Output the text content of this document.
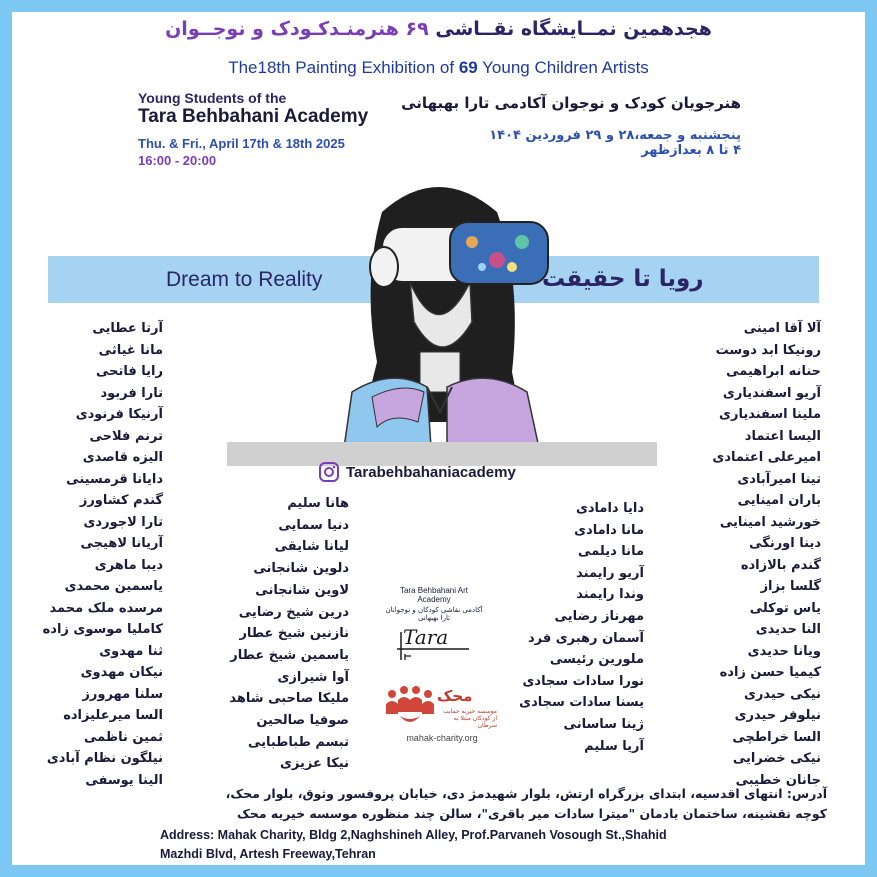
هجدهمین نمــایشگاه نقــاشی ۶۹ هنرمنـدکـودک و نوجــوان
The18th Painting Exhibition of 69 Young Children Artists
Young Students of the
Tara Behbahani Academy
Thu. & Fri., April 17th & 18th 2025
16:00 - 20:00
هنرجویان کودک و نوجوان آکادمی تارا بهبهانی
پنجشنبه و جمعه،۲۸ و ۲۹ فروردین ۱۴۰۴
۴ تا ۸ بعدازظهر
Dream to Reality	رویا تا حقیقت
Tarabehbahaniacademy
آلا آقا امینی
رونیکا ابد دوست
حنانه ابراهیمی
آریو اسفندیاری
ملینا اسفندیاری
الیسا اعتماد
امیرعلی اعتمادی
تینا امیرآبادی
باران امینایی
خورشید امینایی
دینا اورنگی
گندم بالازاده
گلسا بزاز
یاس توکلی
النا حدیدی
ویانا حدیدی
کیمیا حسن زاده
نیکی حیدری
نیلوفر حیدری
السا خراطچی
نیکی خضرایی
جانان خطیبی
آرتا عطایی
مانا غیاثی
رایا فاتحی
تارا فربود
آرنیکا فرنودی
ترنم فلاحی
الیزه قاصدی
دایانا قرمسینی
گندم کشاورز
تارا لاجوردی
آریانا لاهیجی
دیبا ماهری
یاسمین محمدی
مرسده ملک محمد
کاملیا موسوی زاده
ثنا مهدوی
نیکان مهدوی
سلنا مهرورز
السا میرعلیزاده
ثمین ناظمی
نیلگون نظام آبادی
الینا یوسفی
هانا سلیم
دنیا سمایی
لیانا شایقی
دلوین شانجانی
لاوین شانجانی
درین شیخ رضایی
نازنین شیخ عطار
یاسمین شیخ عطار
آوا شیرازی
ملیکا صاحبی شاهد
صوفیا صالحین
تبسم طباطبایی
نیکا عزیزی
دایا دامادی
مانا دامادی
مانا دیلمی
آریو رایمند
وندا رایمند
مهرناز رضایی
آسمان رهبری فرد
ملورین رئیسی
نورا سادات سجادی
یسنا سادات سجادی
ژینا ساسانی
آریا سلیم
Tara Behbahani Art Academy
آکادمی نقاشی کودکان و نوجوانان تارا بهبهانی
Tara
محک
موسسه خیریه حمایت از کودکان مبتلا به سرطان
mahak-charity.org
آدرس: انتهای اقدسیه، ابتدای بزرگراه ارتش، بلوار شهیدمژ دی، خیابان پروفسور وثوق، بلوار محک،
کوچه نقشینه، ساختمان یادمان "میترا سادات میر باقری"، سالن چند منظوره موسسه خیریه محک
Address: Mahak Charity, Bldg 2,Naghshineh Alley, Prof.Parvaneh Vosough St.,Shahid
Mazhdi Blvd, Artesh Freeway,Tehran
